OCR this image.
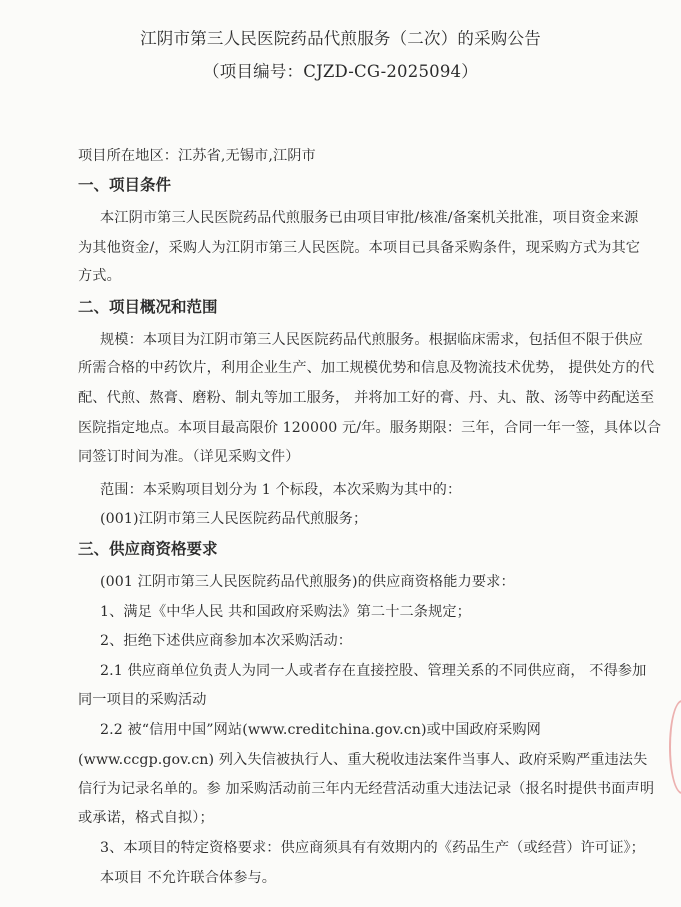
江阴市第三人民医院药品代煎服务（二次）的采购公告
（项目编号：CJZD-CG-2025094）
项目所在地区：江苏省,无锡市,江阴市
一、项目条件
本江阴市第三人民医院药品代煎服务已由项目审批/核准/备案机关批准，项目资金来源
为其他资金/，采购人为江阴市第三人民医院。本项目已具备采购条件，现采购方式为其它
方式。
二、项目概况和范围
规模：本项目为江阴市第三人民医院药品代煎服务。根据临床需求，包括但不限于供应
所需合格的中药饮片，利用企业生产、加工规模优势和信息及物流技术优势， 提供处方的代
配、代煎、熬膏、磨粉、制丸等加工服务， 并将加工好的膏、丹、丸、散、汤等中药配送至
医院指定地点。本项目最高限价 120000 元/年。服务期限：三年，合同一年一签，具体以合
同签订时间为准。（详见采购文件）
范围：本采购项目划分为 1 个标段，本次采购为其中的：
(001)江阴市第三人民医院药品代煎服务；
三、供应商资格要求
(001 江阴市第三人民医院药品代煎服务)的供应商资格能力要求：
1、满足《中华人民 共和国政府采购法》第二十二条规定；
2、拒绝下述供应商参加本次采购活动：
2.1 供应商单位负责人为同一人或者存在直接控股、管理关系的不同供应商， 不得参加
同一项目的采购活动
2.2 被“信用中国”网站(www.creditchina.gov.cn)或中国政府采购网
(www.ccgp.gov.cn) 列入失信被执行人、重大税收违法案件当事人、政府采购严重违法失
信行为记录名单的。参 加采购活动前三年内无经营活动重大违法记录（报名时提供书面声明
或承诺，格式自拟）；
3、本项目的特定资格要求：供应商须具有有效期内的《药品生产（或经营）许可证》；
本项目 不允许联合体参与。
